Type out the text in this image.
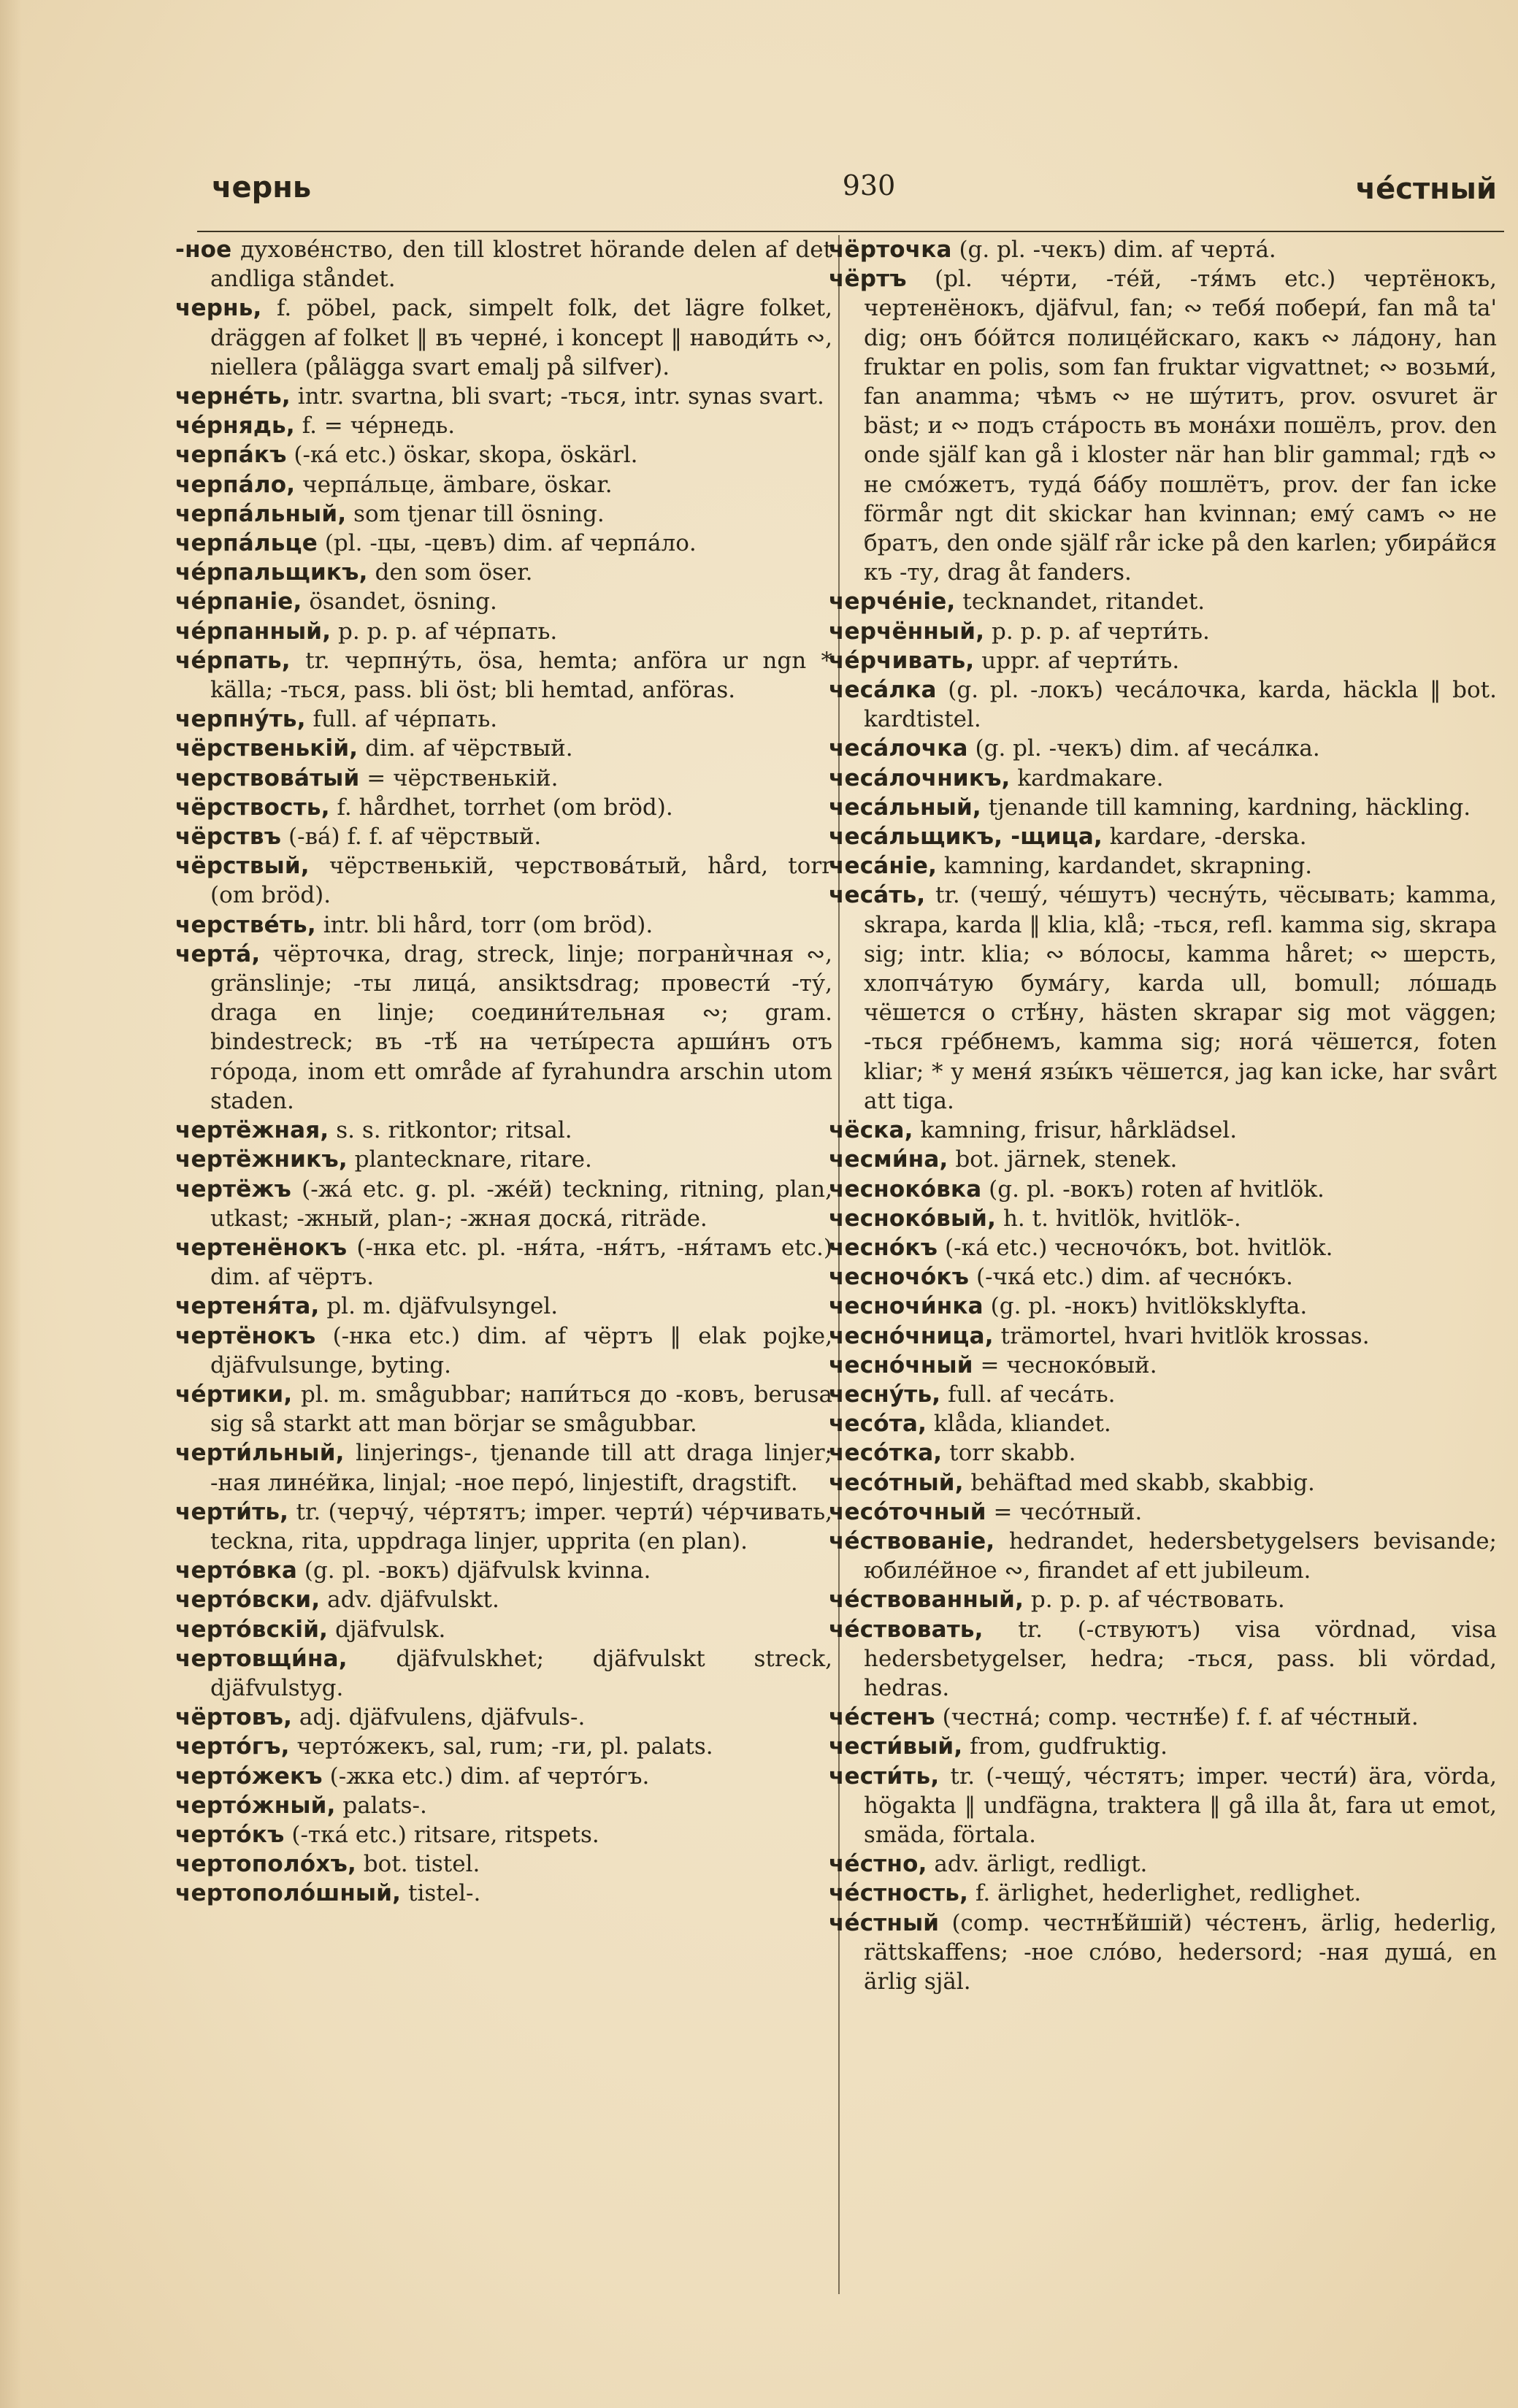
чернь	930	че́стный

-ное духове́нство, den till klostret hörande delen af det andliga ståndet.

чернь, f. pöbel, pack, simpelt folk, det lägre folket, dräggen af folket ‖ въ черне́, i koncept ‖ наводи́ть ∾, niellera (pålägga svart emalj på silfver).

черне́ть, intr. svartna, bli svart; -ться, intr. synas svart.

че́рнядь, f. = че́рнедь.

черпа́къ (-ка́ etc.) öskar, skopa, öskärl.

черпа́ло, черпа́льце, ämbare, öskar.

черпа́льный, som tjenar till ösning.

черпа́льце (pl. -цы, -цевъ) dim. af черпа́ло.

че́рпальщикъ, den som öser.

че́рпаніе, ösandet, ösning.

че́рпанный, p. p. p. af че́рпать.

че́рпать, tr. черпну́ть, ösa, hemta; anföra ur ngn * källa; -ться, pass. bli öst; bli hemtad, anföras.

черпну́ть, full. af че́рпать.

чёрственькій, dim. af чёрствый.

черствова́тый = чёрственькій.

чёрствость, f. hårdhet, torrhet (om bröd).

чёрствъ (-ва́) f. f. af чёрствый.

чёрствый, чёрственькій, черствова́тый, hård, torr (om bröd).

черстве́ть, intr. bli hård, torr (om bröd).

черта́, чёрточка, drag, streck, linje; погранѝчная ∾, gränslinje; -ты лица́, ansiktsdrag; провести́ -ту́, draga en linje; соедини́тельная ∾; gram. bindestreck; въ -тѣ́ на четы́реста арши́нъ отъ го́рода, inom ett område af fyrahundra arschin utom staden.

чертёжная, s. s. ritkontor; ritsal.

чертёжникъ, plantecknare, ritare.

чертёжъ (-жа́ etc. g. pl. -же́й) teckning, ritning, plan, utkast; -жный, plan-; -жная доска́, riträde.

чертенёнокъ (-нка etc. pl. -ня́та, -ня́тъ, -ня́тамъ etc.) dim. af чёртъ.

чертеня́та, pl. m. djäfvulsyngel.

чертёнокъ (-нка etc.) dim. af чёртъ ‖ elak pojke, djäfvulsunge, byting.

че́ртики, pl. m. smågubbar; напи́ться до -ковъ, berusa sig så starkt att man börjar se smågubbar.

черти́льный, linjerings-, tjenande till att draga linjer; -ная линéйка, linjal; -ное перо́, linjestift, dragstift.

черти́ть, tr. (черчу́, че́ртятъ; imper. черти́) че́рчивать, teckna, rita, uppdraga linjer, upprita (en plan).

черто́вка (g. pl. -вокъ) djäfvulsk kvinna.

черто́вски, adv. djäfvulskt.

черто́вскій, djäfvulsk.

чертовщи́на, djäfvulskhet; djäfvulskt streck, djäfvulstyg.

чёртовъ, adj. djäfvulens, djäfvuls-.

черто́гъ, черто́жекъ, sal, rum; -ги, pl. palats.

черто́жекъ (-жка etc.) dim. af черто́гъ.

черто́жный, palats-.

черто́къ (-тка́ etc.) ritsare, ritspets.

чертополо́хъ, bot. tistel.

чертополо́шный, tistel-.

чёрточка (g. pl. -чекъ) dim. af черта́.

чёртъ (pl. че́рти, -те́й, -тя́мъ etc.) чертёнокъ, чертенёнокъ, djäfvul, fan; ∾ тебя́ побери́, fan må ta' dig; онъ бо́йтся полице́йскаго, какъ ∾ ла́дону, han fruktar en polis, som fan fruktar vigvattnet; ∾ возьми́, fan anamma; чѣмъ ∾ не шу́титъ, prov. osvuret är bäst; и ∾ подъ ста́рость въ мона́хи пошёлъ, prov. den onde själf kan gå i kloster när han blir gammal; гдѣ ∾ не смо́жетъ, туда́ ба́бу пошлётъ, prov. der fan icke förmår ngt dit skickar han kvinnan; ему́ самъ ∾ не братъ, den onde själf rår icke på den karlen; убира́йся къ -ту, drag åt fanders.

черче́ніе, tecknandet, ritandet.

черчённый, p. p. p. af черти́ть.

че́рчивать, uppr. af черти́ть.

чеса́лка (g. pl. -локъ) чеса́лочка, karda, häckla ‖ bot. kardtistel.

чеса́лочка (g. pl. -чекъ) dim. af чеса́лка.

чеса́лочникъ, kardmakare.

чеса́льный, tjenande till kamning, kardning, häckling.

чеса́льщикъ, -щица, kardare, -derska.

чеса́ніе, kamning, kardandet, skrapning.

чеса́ть, tr. (чешу́, че́шутъ) чесну́ть, чёсывать; kamma, skrapa, karda ‖ klia, klå; -ться, refl. kamma sig, skrapa sig; intr. klia; ∾ во́лосы, kamma håret; ∾ шерсть, хлопча́тую бума́гу, karda ull, bomull; ло́шадь чёшется о стѣ́ну, hästen skrapar sig mot väggen; -ться гре́бнемъ, kamma sig; нога́ чёшется, foten kliar; * у меня́ язы́къ чёшется, jag kan icke, har svårt att tiga.

чёска, kamning, frisur, hårklädsel.

чесми́на, bot. järnek, stenek.

чесноко́вка (g. pl. -вокъ) roten af hvitlök.

чесноко́вый, h. t. hvitlök, hvitlök-.

чесно́къ (-ка́ etc.) чесночо́къ, bot. hvitlök.

чесночо́къ (-чка́ etc.) dim. af чесно́къ.

чесночи́нка (g. pl. -нокъ) hvitlöksklyfta.

чесно́чница, trämortel, hvari hvitlök krossas.

чесно́чный = чеснoко́вый.

чесну́ть, full. af чеса́ть.

чесо́та, klåda, kliandet.

чесо́тка, torr skabb.

чесо́тный, behäftad med skabb, skabbig.

чесо́точный = чесо́тный.

че́ствованіе, hedrandet, hedersbetygelsers bevisande; юбиле́йное ∾, firandet af ett jubileum.

че́ствованный, p. p. p. af че́ствовать.

че́ствовать, tr. (-ствуютъ) visa vördnad, visa hedersbetygelser, hedra; -ться, pass. bli vördad, hedras.

че́стенъ (честна́; comp. честнѣ́е) f. f. af че́стный.

чести́вый, from, gudfruktig.

чести́ть, tr. (-чещу́, че́стятъ; imper. чести́) ära, vörda, högakta ‖ undfägna, traktera ‖ gå illa åt, fara ut emot, smäda, förtala.

че́стно, adv. ärligt, redligt.

че́стность, f. ärlighet, hederlighet, redlighet.

че́стный (comp. честнѣ́йшій) че́стенъ, ärlig, hederlig, rättskaffens; -ное сло́во, hedersord; -ная душа́, en ärlig själ.
